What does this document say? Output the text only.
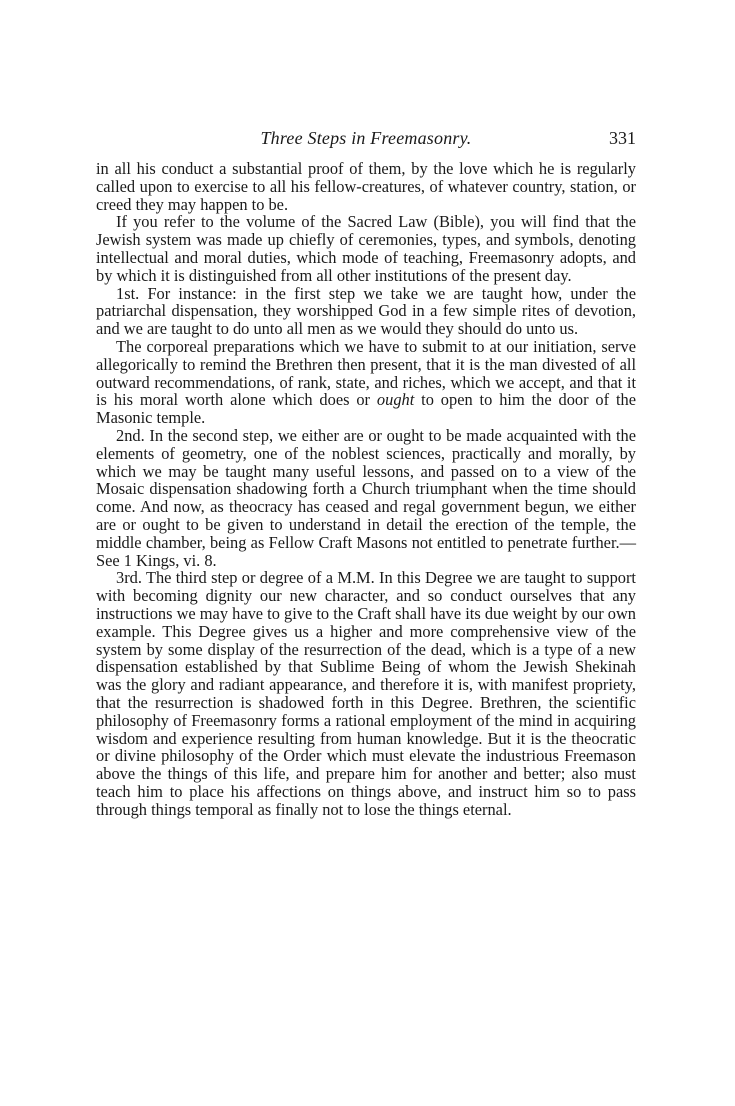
Three Steps in Freemasonry.	331

in all his conduct a substantial proof of them, by the love which he is regularly called upon to exercise to all his fellow-creatures, of whatever country, station, or creed they may happen to be.

If you refer to the volume of the Sacred Law (Bible), you will find that the Jewish system was made up chiefly of ceremonies, types, and symbols, denoting intellectual and moral duties, which mode of teaching, Freemasonry adopts, and by which it is distinguished from all other institutions of the present day.

1st. For instance: in the first step we take we are taught how, under the patriarchal dispensation, they worshipped God in a few simple rites of devotion, and we are taught to do unto all men as we would they should do unto us.

The corporeal preparations which we have to submit to at our initiation, serve allegorically to remind the Brethren then present, that it is the man divested of all outward recommendations, of rank, state, and riches, which we accept, and that it is his moral worth alone which does or ought to open to him the door of the Masonic temple.

2nd. In the second step, we either are or ought to be made acquainted with the elements of geometry, one of the noblest sciences, practically and morally, by which we may be taught many useful lessons, and passed on to a view of the Mosaic dispensation shadowing forth a Church triumphant when the time should come. And now, as theocracy has ceased and regal government begun, we either are or ought to be given to understand in detail the erection of the temple, the middle chamber, being as Fellow Craft Masons not entitled to penetrate further.—See 1 Kings, vi. 8.

3rd. The third step or degree of a M.M. In this Degree we are taught to support with becoming dignity our new character, and so conduct ourselves that any instructions we may have to give to the Craft shall have its due weight by our own example. This Degree gives us a higher and more comprehensive view of the system by some display of the resurrection of the dead, which is a type of a new dispensation established by that Sublime Being of whom the Jewish Shekinah was the glory and radiant appearance, and therefore it is, with manifest propriety, that the resurrection is shadowed forth in this Degree. Brethren, the scientific philosophy of Freemasonry forms a rational employment of the mind in acquiring wisdom and experience resulting from human knowledge. But it is the theocratic or divine philosophy of the Order which must elevate the industrious Freemason above the things of this life, and prepare him for another and better; also must teach him to place his affections on things above, and instruct him so to pass through things temporal as finally not to lose the things eternal.
